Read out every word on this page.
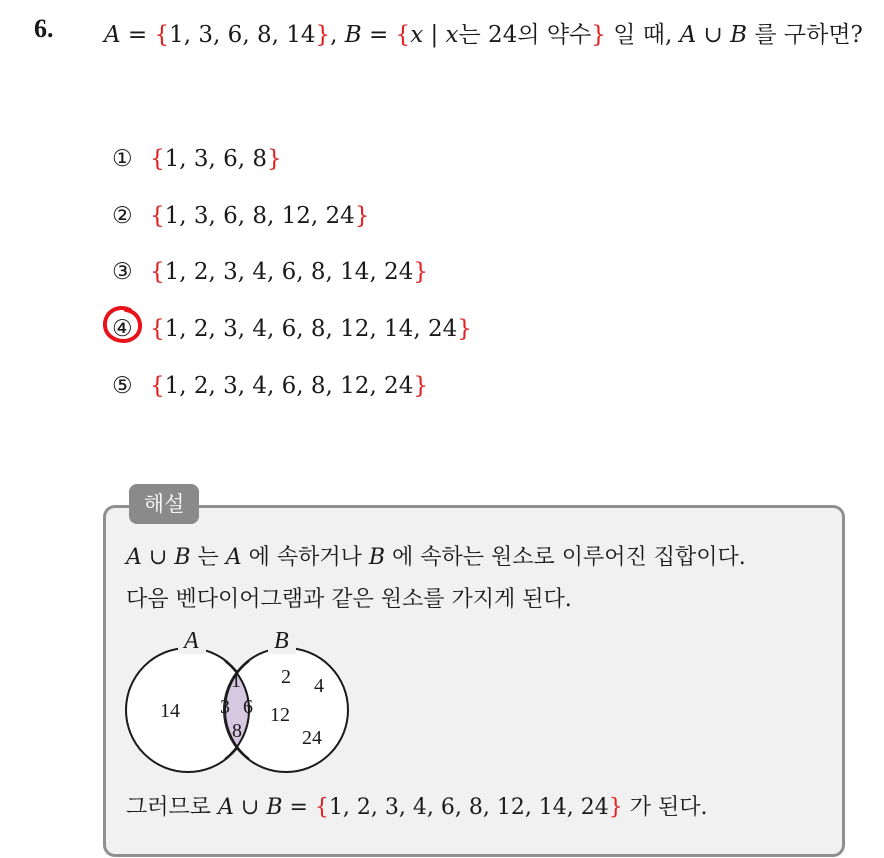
6. A = {1, 3, 6, 8, 14}, B = {x | x는 24의 약수} 일 때, A ∪ B 를 구하면?
① {1, 3, 6, 8}
② {1, 3, 6, 8, 12, 24}
③ {1, 2, 3, 4, 6, 8, 14, 24}
④ {1, 2, 3, 4, 6, 8, 12, 14, 24}
⑤ {1, 2, 3, 4, 6, 8, 12, 24}
해설
A ∪ B 는 A 에 속하거나 B 에 속하는 원소로 이루어진 집합이다.
다음 벤다이어그램과 같은 원소를 가지게 된다.
A	B
14
1
3 6
8
2 4
12
24
그러므로 A ∪ B = {1, 2, 3, 4, 6, 8, 12, 14, 24} 가 된다.
